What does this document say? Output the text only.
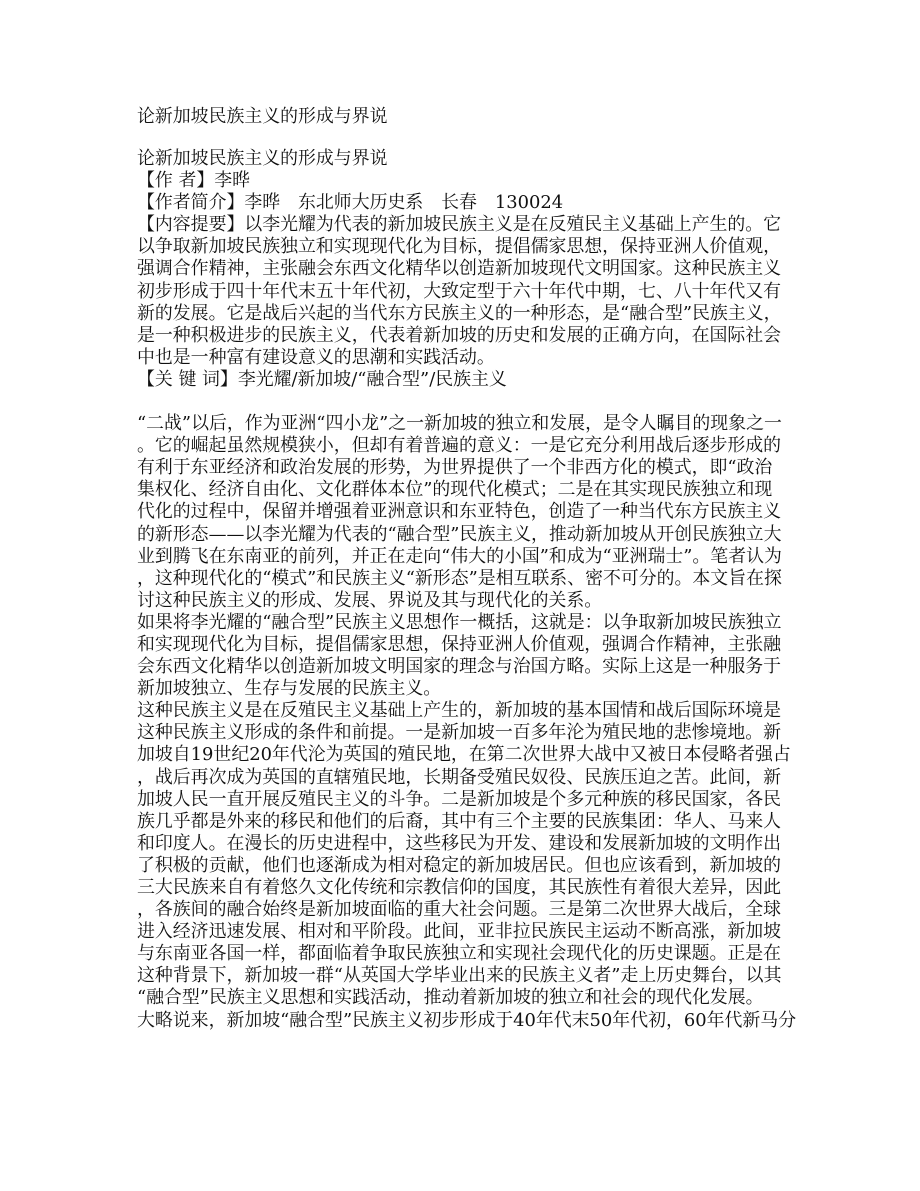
论新加坡民族主义的形成与界说

论新加坡民族主义的形成与界说

【作 者】李晔

【作者简介】李晔　东北师大历史系　长春　130024

【内容提要】以李光耀为代表的新加坡民族主义是在反殖民主义基础上产生的。它

以争取新加坡民族独立和实现现代化为目标，提倡儒家思想，保持亚洲人价值观，

强调合作精神，主张融会东西文化精华以创造新加坡现代文明国家。这种民族主义

初步形成于四十年代末五十年代初，大致定型于六十年代中期，七、八十年代又有

新的发展。它是战后兴起的当代东方民族主义的一种形态，是“融合型”民族主义，

是一种积极进步的民族主义，代表着新加坡的历史和发展的正确方向，在国际社会

中也是一种富有建设意义的思潮和实践活动。

【关 键 词】李光耀/新加坡/“融合型”/民族主义

“二战”以后，作为亚洲“四小龙”之一新加坡的独立和发展，是令人瞩目的现象之一

。它的崛起虽然规模狭小，但却有着普遍的意义：一是它充分利用战后逐步形成的

有利于东亚经济和政治发展的形势，为世界提供了一个非西方化的模式，即“政治

集权化、经济自由化、文化群体本位”的现代化模式；二是在其实现民族独立和现

代化的过程中，保留并增强着亚洲意识和东亚特色，创造了一种当代东方民族主义

的新形态——以李光耀为代表的“融合型”民族主义，推动新加坡从开创民族独立大

业到腾飞在东南亚的前列，并正在走向“伟大的小国”和成为“亚洲瑞士”。笔者认为

，这种现代化的“模式”和民族主义“新形态”是相互联系、密不可分的。本文旨在探

讨这种民族主义的形成、发展、界说及其与现代化的关系。

如果将李光耀的“融合型”民族主义思想作一概括，这就是：以争取新加坡民族独立

和实现现代化为目标，提倡儒家思想，保持亚洲人价值观，强调合作精神，主张融

会东西文化精华以创造新加坡文明国家的理念与治国方略。实际上这是一种服务于

新加坡独立、生存与发展的民族主义。

这种民族主义是在反殖民主义基础上产生的，新加坡的基本国情和战后国际环境是

这种民族主义形成的条件和前提。一是新加坡一百多年沦为殖民地的悲惨境地。新

加坡自19世纪20年代沦为英国的殖民地，在第二次世界大战中又被日本侵略者强占

，战后再次成为英国的直辖殖民地，长期备受殖民奴役、民族压迫之苦。此间，新

加坡人民一直开展反殖民主义的斗争。二是新加坡是个多元种族的移民国家，各民

族几乎都是外来的移民和他们的后裔，其中有三个主要的民族集团：华人、马来人

和印度人。在漫长的历史进程中，这些移民为开发、建设和发展新加坡的文明作出

了积极的贡献，他们也逐渐成为相对稳定的新加坡居民。但也应该看到，新加坡的

三大民族来自有着悠久文化传统和宗教信仰的国度，其民族性有着很大差异，因此

，各族间的融合始终是新加坡面临的重大社会问题。三是第二次世界大战后，全球

进入经济迅速发展、相对和平阶段。此间，亚非拉民族民主运动不断高涨，新加坡

与东南亚各国一样，都面临着争取民族独立和实现社会现代化的历史课题。正是在

这种背景下，新加坡一群“从英国大学毕业出来的民族主义者”走上历史舞台，以其

“融合型”民族主义思想和实践活动，推动着新加坡的独立和社会的现代化发展。

大略说来，新加坡“融合型”民族主义初步形成于40年代末50年代初，60年代新马分
